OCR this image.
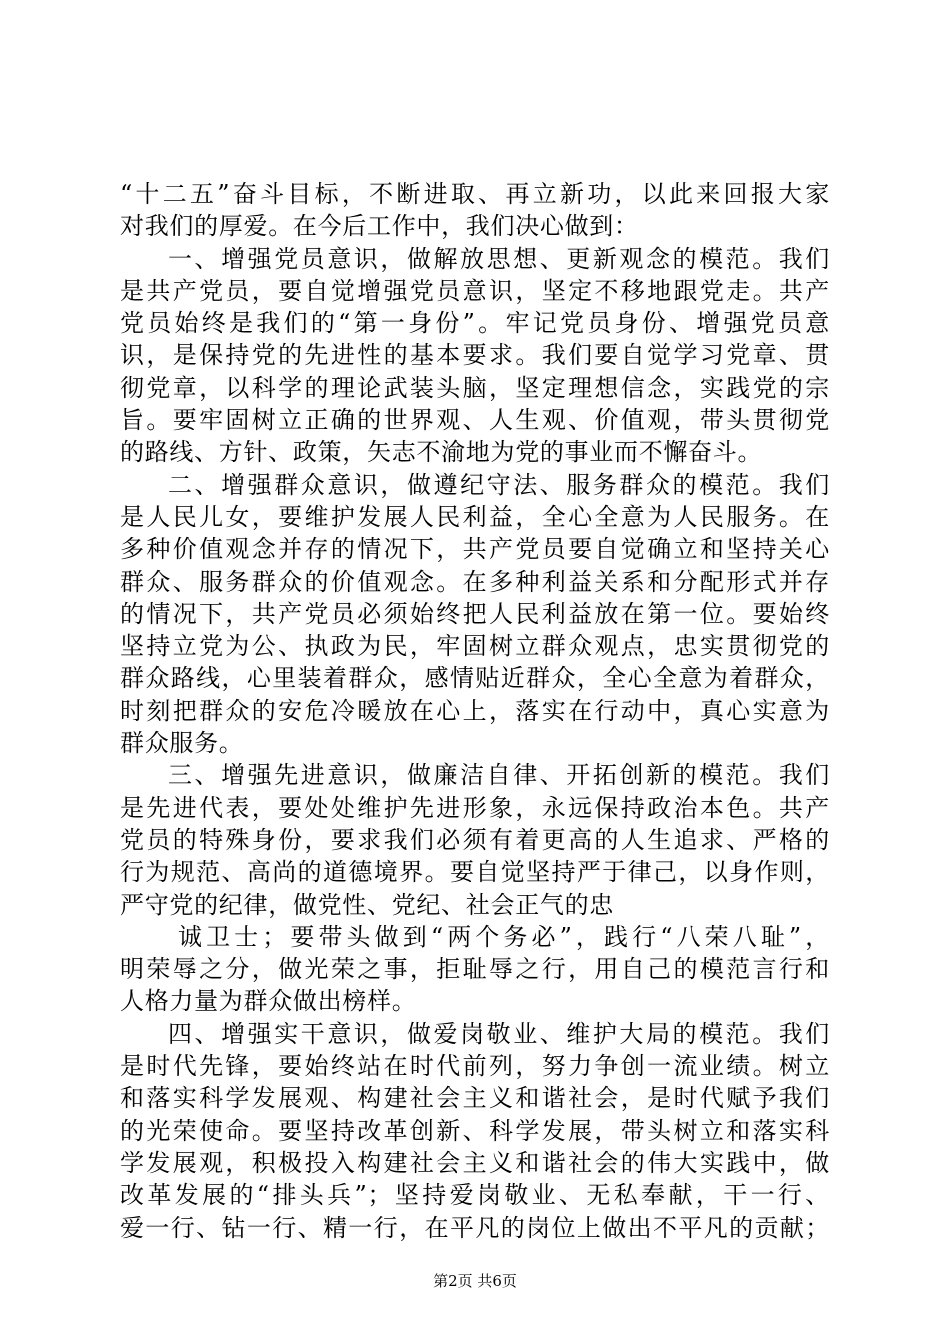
“十二五”奋斗目标，不断进取、再立新功，以此来回报大家
对我们的厚爱。在今后工作中，我们决心做到：
一、增强党员意识，做解放思想、更新观念的模范。我们
是共产党员，要自觉增强党员意识，坚定不移地跟党走。共产
党员始终是我们的“第一身份”。牢记党员身份、增强党员意
识，是保持党的先进性的基本要求。我们要自觉学习党章、贯
彻党章，以科学的理论武装头脑，坚定理想信念，实践党的宗
旨。要牢固树立正确的世界观、人生观、价值观，带头贯彻党
的路线、方针、政策，矢志不渝地为党的事业而不懈奋斗。
二、增强群众意识，做遵纪守法、服务群众的模范。我们
是人民儿女，要维护发展人民利益，全心全意为人民服务。在
多种价值观念并存的情况下，共产党员要自觉确立和坚持关心
群众、服务群众的价值观念。在多种利益关系和分配形式并存
的情况下，共产党员必须始终把人民利益放在第一位。要始终
坚持立党为公、执政为民，牢固树立群众观点，忠实贯彻党的
群众路线，心里装着群众，感情贴近群众，全心全意为着群众，
时刻把群众的安危冷暖放在心上，落实在行动中，真心实意为
群众服务。
三、增强先进意识，做廉洁自律、开拓创新的模范。我们
是先进代表，要处处维护先进形象，永远保持政治本色。共产
党员的特殊身份，要求我们必须有着更高的人生追求、严格的
行为规范、高尚的道德境界。要自觉坚持严于律己，以身作则，
严守党的纪律，做党性、党纪、社会正气的忠
诚卫士；要带头做到“两个务必”，践行“八荣八耻”，
明荣辱之分，做光荣之事，拒耻辱之行，用自己的模范言行和
人格力量为群众做出榜样。
四、增强实干意识，做爱岗敬业、维护大局的模范。我们
是时代先锋，要始终站在时代前列，努力争创一流业绩。树立
和落实科学发展观、构建社会主义和谐社会，是时代赋予我们
的光荣使命。要坚持改革创新、科学发展，带头树立和落实科
学发展观，积极投入构建社会主义和谐社会的伟大实践中，做
改革发展的“排头兵”；坚持爱岗敬业、无私奉献，干一行、
爱一行、钻一行、精一行，在平凡的岗位上做出不平凡的贡献；
第2页 共6页
